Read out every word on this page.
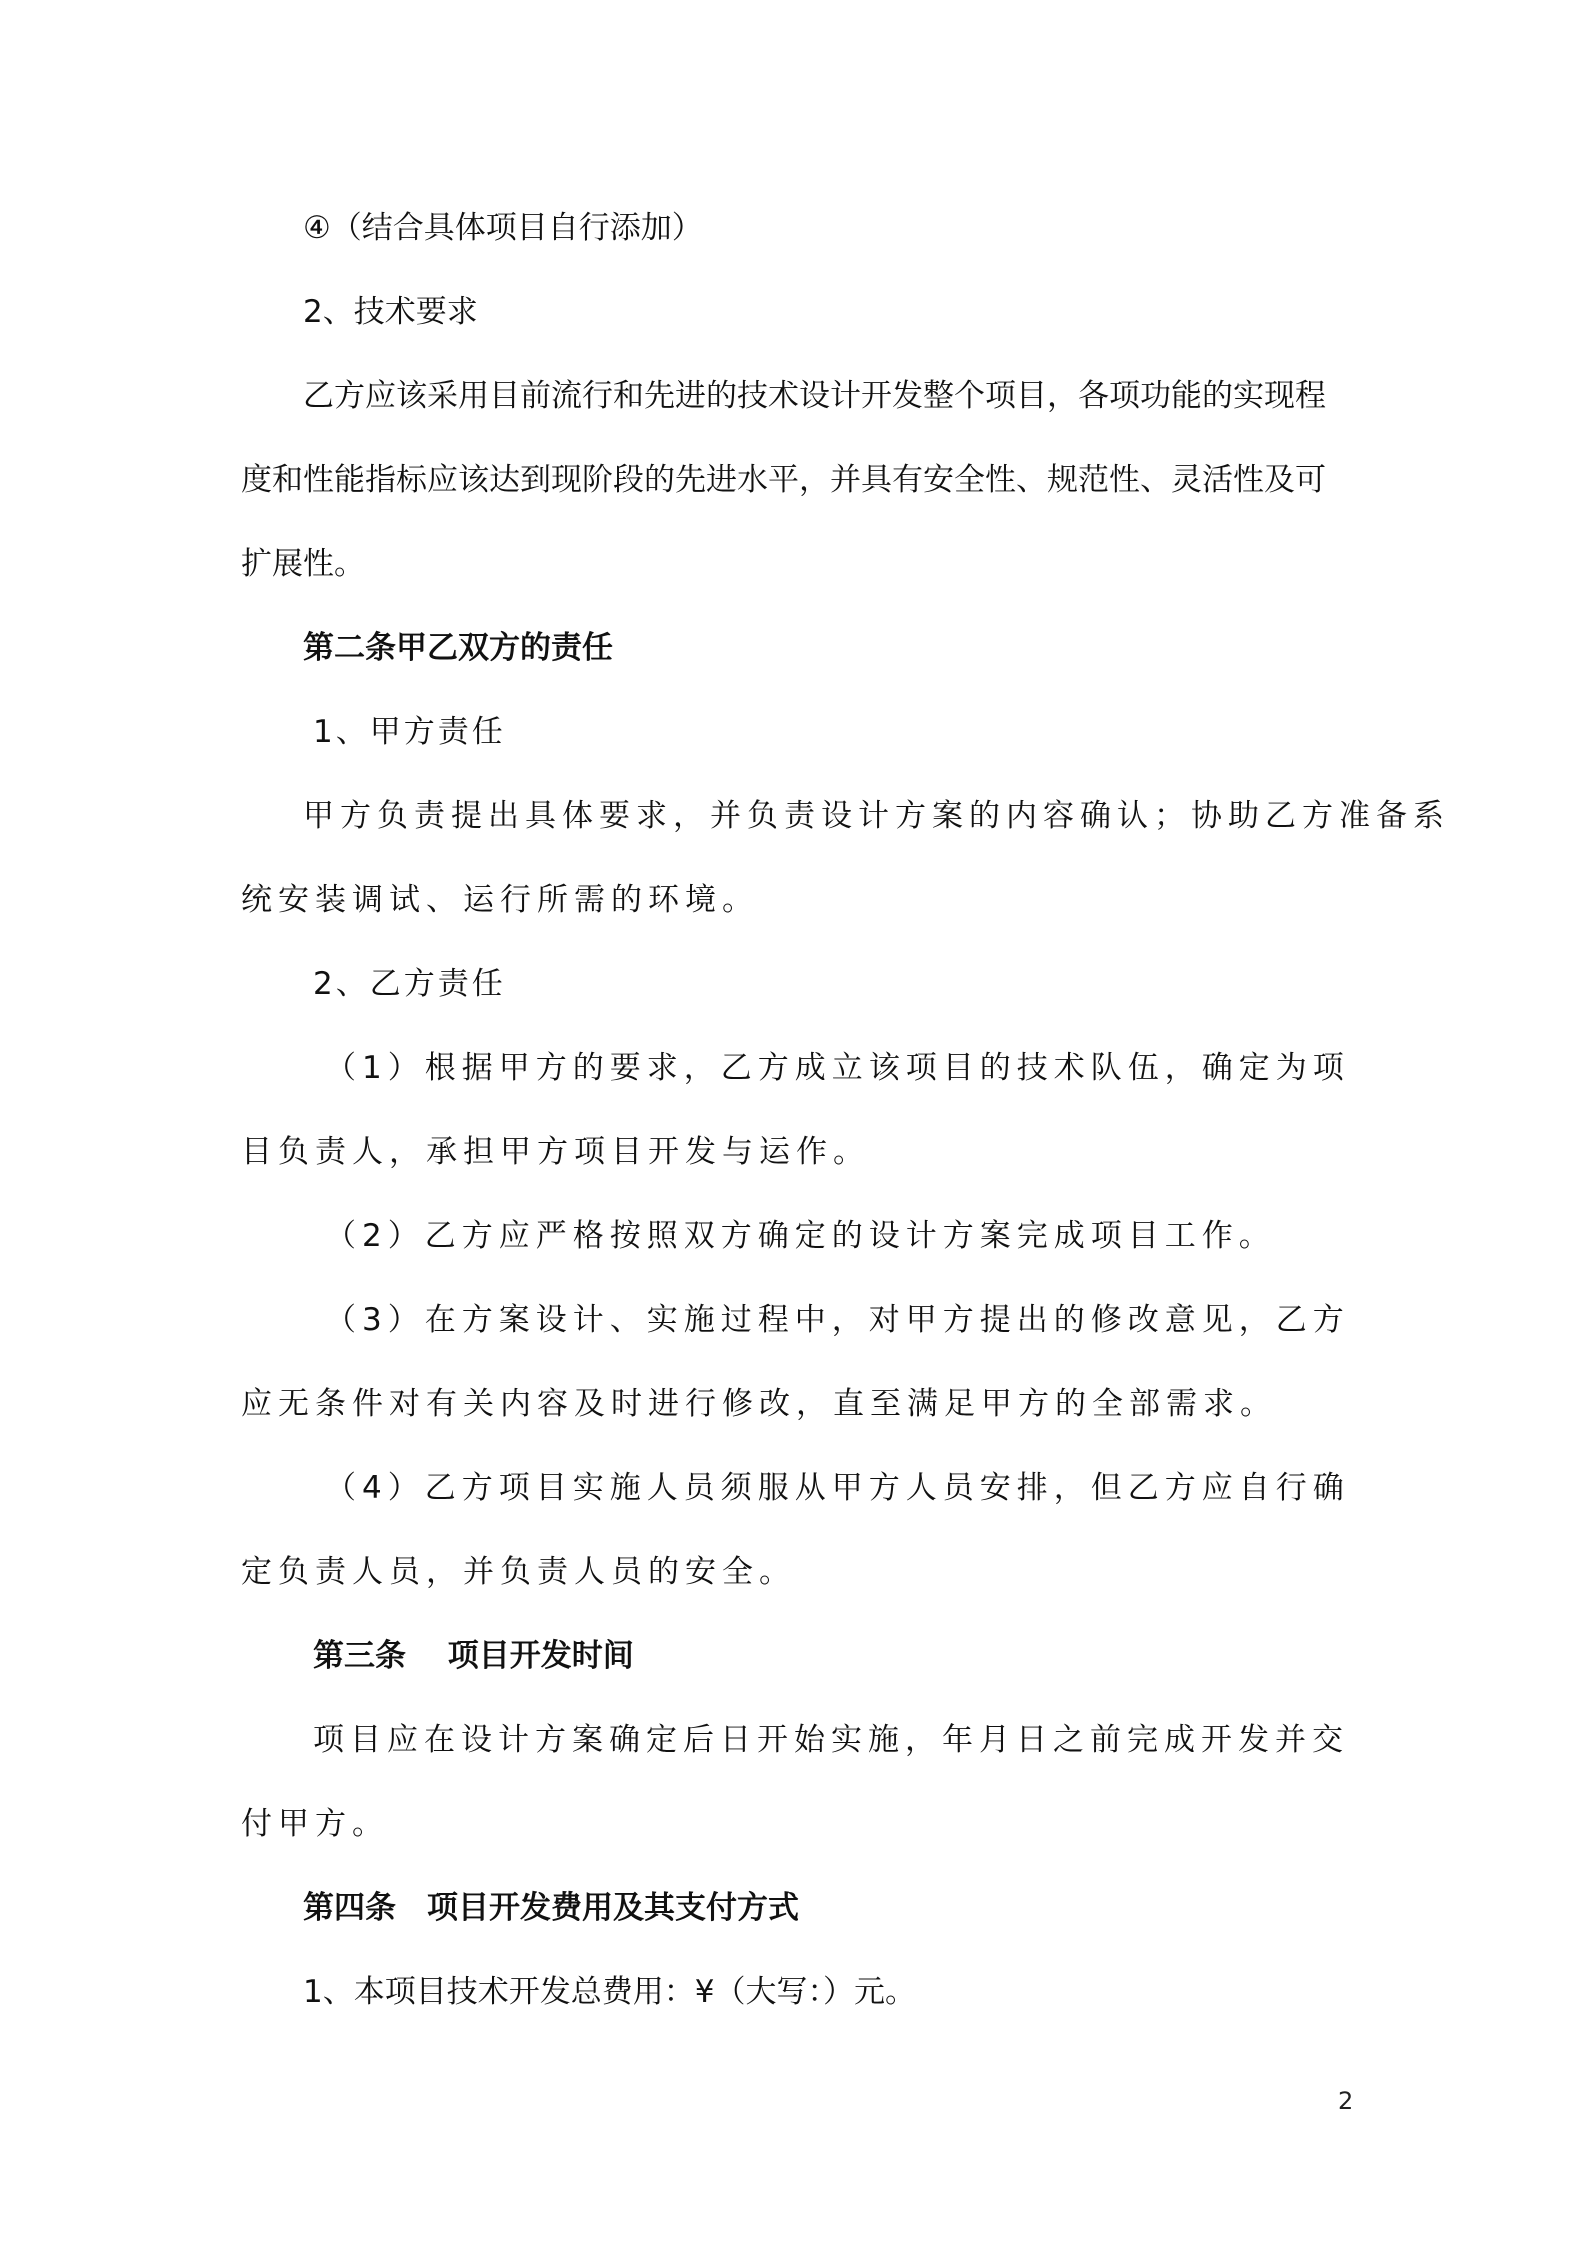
④（结合具体项目自行添加）
2、技术要求
乙方应该采用目前流行和先进的技术设计开发整个项目，各项功能的实现程
度和性能指标应该达到现阶段的先进水平，并具有安全性、规范性、灵活性及可
扩展性。
第二条甲乙双方的责任
1、甲方责任
甲方负责提出具体要求，并负责设计方案的内容确认；协助乙方准备系
统安装调试、运行所需的环境。
2、乙方责任
（1）根据甲方的要求，乙方成立该项目的技术队伍，确定为项
目负责人，承担甲方项目开发与运作。
（2）乙方应严格按照双方确定的设计方案完成项目工作。
（3）在方案设计、实施过程中，对甲方提出的修改意见，乙方
应无条件对有关内容及时进行修改，直至满足甲方的全部需求。
（4）乙方项目实施人员须服从甲方人员安排，但乙方应自行确
定负责人员，并负责人员的安全。
第三条　 项目开发时间
项目应在设计方案确定后日开始实施，年月日之前完成开发并交
付甲方。
第四条　项目开发费用及其支付方式
1、本项目技术开发总费用：¥（大写：）元。
2
